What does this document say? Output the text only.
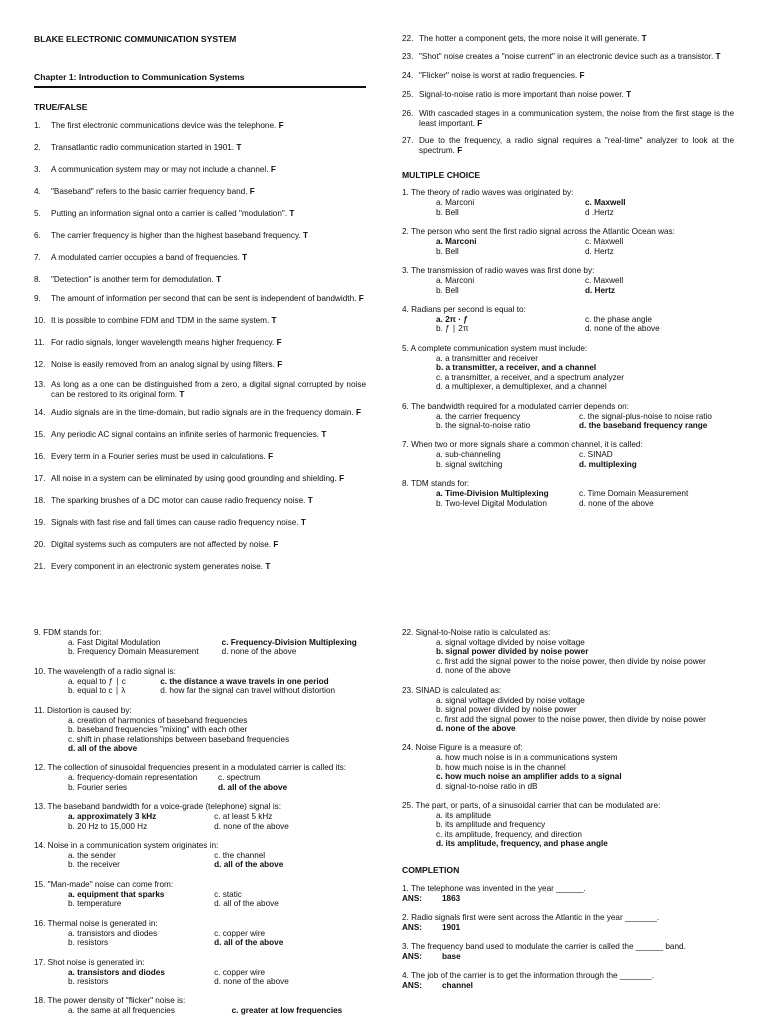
BLAKE ELECTRONIC COMMUNICATION SYSTEM

Chapter 1: Introduction to Communication Systems

TRUE/FALSE

1.	The first electronic communications device was the telephone. F
2.	Transatlantic radio communication started in 1901. T
3.	A communication system may or may not include a channel. F
4.	"Baseband" refers to the basic carrier frequency band. F
5.	Putting an information signal onto a carrier is called "modulation". T
6.	The carrier frequency is higher than the highest baseband frequency. T
7.	A modulated carrier occupies a band of frequencies. T
8.	"Detection" is another term for demodulation. T
9.	The amount of information per second that can be sent is independent of bandwidth. F
10. It is possible to combine FDM and TDM in the same system. T
11. For radio signals, longer wavelength means higher frequency. F
12. Noise is easily removed from an analog signal by using filters. F
13. As long as a one can be distinguished from a zero, a digital signal corrupted by noise can be restored to its original form. T
14. Audio signals are in the time-domain, but radio signals are in the frequency domain. F
15. Any periodic AC signal contains an infinite series of harmonic frequencies. T
16. Every term in a Fourier series must be used in calculations. F
17. All noise in a system can be eliminated by using good grounding and shielding. F
18. The sparking brushes of a DC motor can cause radio frequency noise. T
19. Signals with fast rise and fall times can cause radio frequency noise. T
20. Digital systems such as computers are not affected by noise. F
21. Every component in an electronic system generates noise. T
22. The hotter a component gets, the more noise it will generate. T
23. "Shot" noise creates a "noise current" in an electronic device such as a transistor. T
24. "Flicker" noise is worst at radio frequencies. F
25. Signal-to-noise ratio is more important than noise power. T
26. With cascaded stages in a communication system, the noise from the first stage is the least important. F
27. Due to the frequency, a radio signal requires a "real-time" analyzer to look at the spectrum. F

MULTIPLE CHOICE

1. The theory of radio waves was originated by:

a. Marconi	c. Maxwell
b. Bell	d .Hertz

2. The person who sent the first radio signal across the Atlantic Ocean was:

a. Marconi	c. Maxwell
b. Bell	d. Hertz

3. The transmission of radio waves was first done by:

a. Marconi	c. Maxwell
b. Bell	d. Hertz

4. Radians per second is equal to:

a. 2π · ƒ	c. the phase angle
b. ƒ ∣ 2π	d. none of the above

5. A complete communication system must include:

a. a transmitter and receiver
b. a transmitter, a receiver, and a channel
c. a transmitter, a receiver, and a spectrum analyzer
d. a multiplexer, a demultiplexer, and a channel

6. The bandwidth required for a modulated carrier depends on:

a. the carrier frequency	c. the signal-plus-noise to noise ratio
b. the signal-to-noise ratio	d. the baseband frequency range

7. When two or more signals share a common channel, it is called:

a. sub-channeling	c. SINAD
b. signal switching	d. multiplexing

8. TDM stands for:

a. Time-Division Multiplexing	c. Time Domain Measurement
b. Two-level Digital Modulation	d. none of the above

9. FDM stands for:

a. Fast Digital Modulation	c. Frequency-Division Multiplexing
b. Frequency Domain Measurement	d. none of the above

10. The wavelength of a radio signal is:

a. equal to ƒ ∣ c	c. the distance a wave travels in one period
b. equal to c ∣ λ	d. how far the signal can travel without distortion

11. Distortion is caused by:

a. creation of harmonics of baseband frequencies
b. baseband frequencies "mixing" with each other
c. shift in phase relationships between baseband frequencies
d. all of the above

12. The collection of sinusoidal frequencies present in a modulated carrier is called its:

a. frequency-domain representation	c. spectrum
b. Fourier series	d. all of the above

13. The baseband bandwidth for a voice-grade (telephone) signal is:

a. approximately 3 kHz	c. at least 5 kHz
b. 20 Hz to 15,000 Hz	d. none of the above

14. Noise in a communication system originates in:

a. the sender	c. the channel
b. the receiver	d. all of the above

15. "Man-made" noise can come from:

a. equipment that sparks	c. static
b. temperature	d. all of the above

16. Thermal noise is generated in:

a. transistors and diodes	c. copper wire
b. resistors	d. all of the above

17. Shot noise is generated in:

a. transistors and diodes	c. copper wire
b. resistors	d. none of the above

18. The power density of "flicker" noise is:

a. the same at all frequencies	c. greater at low frequencies

22. Signal-to-Noise ratio is calculated as:

a. signal voltage divided by noise voltage
b. signal power divided by noise power
c. first add the signal power to the noise power, then divide by noise power
d. none of the above

23. SINAD is calculated as:

a. signal voltage divided by noise voltage
b. signal power divided by noise power
c. first add the signal power to the noise power, then divide by noise power
d. none of the above

24. Noise Figure is a measure of:

a. how much noise is in a communications system
b. how much noise is in the channel
c. how much noise an amplifier adds to a signal
d. signal-to-noise ratio in dB

25. The part, or parts, of a sinusoidal carrier that can be modulated are:

a. its amplitude
b. its amplitude and frequency
c. its amplitude, frequency, and direction
d. its amplitude, frequency, and phase angle

COMPLETION

1. The telephone was invented in the year ______.

ANS:	1863

2. Radio signals first were sent across the Atlantic in the year _______.

ANS:	1901

3. The frequency band used to modulate the carrier is called the ______ band.

ANS:	base

4. The job of the carrier is to get the information through the _______.

ANS:	channel
